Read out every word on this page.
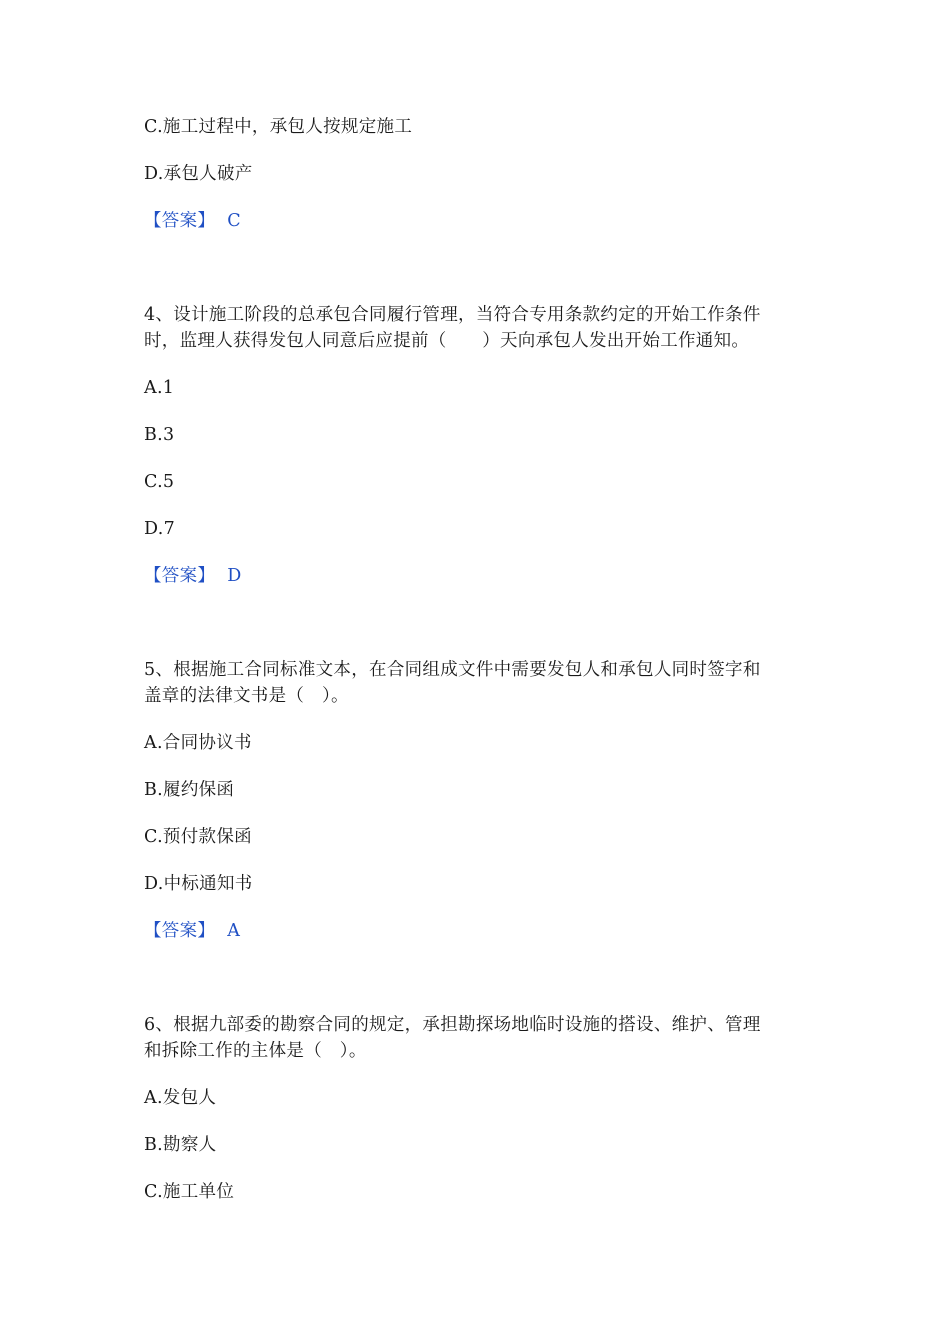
C.施工过程中，承包人按规定施工
D.承包人破产
【答案】 C
4、设计施工阶段的总承包合同履行管理，当符合专用条款约定的开始工作条件
时，监理人获得发包人同意后应提前（　　）天向承包人发出开始工作通知。
A.1
B.3
C.5
D.7
【答案】 D
5、根据施工合同标准文本，在合同组成文件中需要发包人和承包人同时签字和
盖章的法律文书是（　）。
A.合同协议书
B.履约保函
C.预付款保函
D.中标通知书
【答案】 A
6、根据九部委的勘察合同的规定，承担勘探场地临时设施的搭设、维护、管理
和拆除工作的主体是（　）。
A.发包人
B.勘察人
C.施工单位
